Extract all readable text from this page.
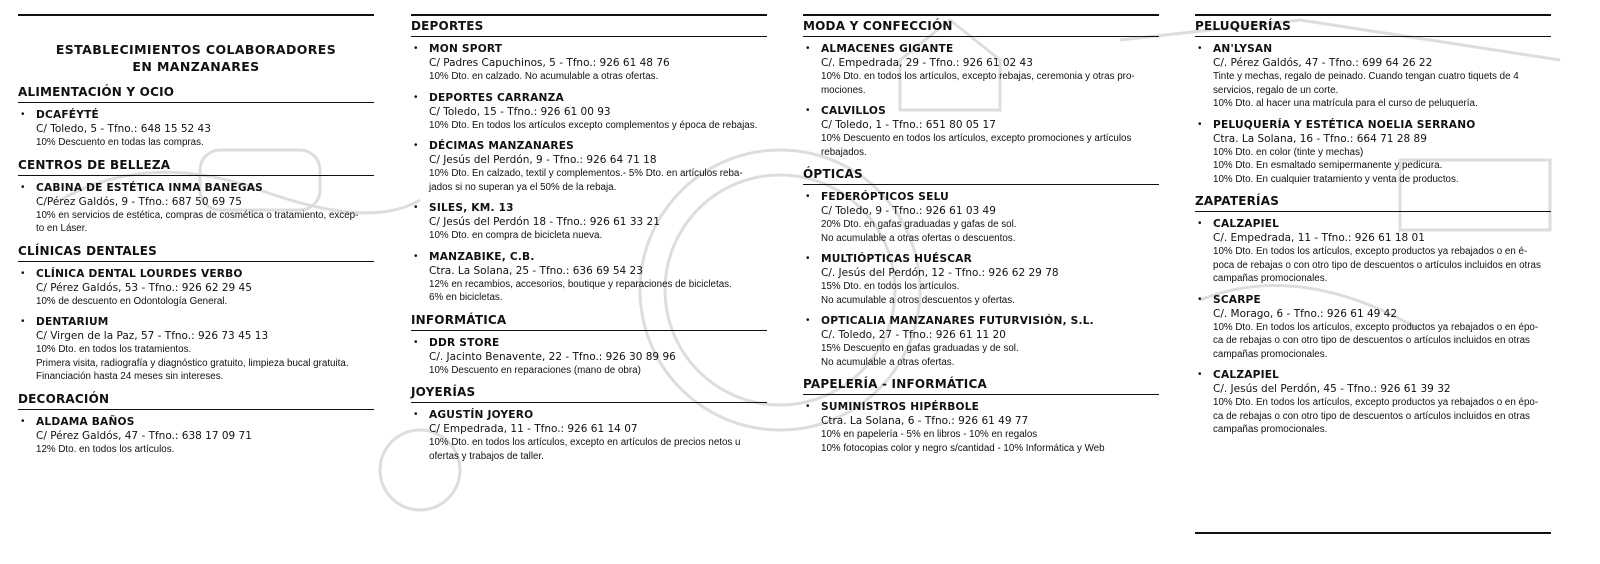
ESTABLECIMIENTOS COLABORADORES
EN MANZANARES
ALIMENTACIÓN Y OCIO
• DCAFÉYTÉ
C/ Toledo, 5 - Tfno.: 648 15 52 43
10% Descuento en todas las compras.
CENTROS DE BELLEZA
• CABINA DE ESTÉTICA INMA BANEGAS
C/Pérez Galdós, 9 - Tfno.: 687 50 69 75
10% en servicios de estética, compras de cosmética o tratamiento, excep-
to en Láser.
CLÍNICAS DENTALES
• CLÍNICA DENTAL LOURDES VERBO
C/ Pérez Galdós, 53 - Tfno.: 926 62 29 45
10% de descuento en Odontología General.
• DENTARIUM
C/ Virgen de la Paz, 57 - Tfno.: 926 73 45 13
10% Dto. en todos los tratamientos.
Primera visita, radiografía y diagnóstico gratuito, limpieza bucal gratuita.
Financiación hasta 24 meses sin intereses.
DECORACIÓN
• ALDAMA BAÑOS
C/ Pérez Galdós, 47 - Tfno.: 638 17 09 71
12% Dto. en todos los artículos.
DEPORTES
• MON SPORT
C/ Padres Capuchinos, 5 - Tfno.: 926 61 48 76
10% Dto. en calzado. No acumulable a otras ofertas.
• DEPORTES CARRANZA
C/ Toledo, 15 - Tfno.: 926 61 00 93
10% Dto. En todos los artículos excepto complementos y época de rebajas.
• DÉCIMAS MANZANARES
C/ Jesús del Perdón, 9 - Tfno.: 926 64 71 18
10% Dto. En calzado, textil y complementos.- 5% Dto. en artículos reba-
jados si no superan ya el 50% de la rebaja.
• SILES, KM. 13
C/ Jesús del Perdón 18 - Tfno.: 926 61 33 21
10% Dto. en compra de bicicleta nueva.
• MANZABIKE, C.B.
Ctra. La Solana, 25 - Tfno.: 636 69 54 23
12% en recambios, accesorios, boutique y reparaciones de bicicletas.
6% en bicicletas.
INFORMÁTICA
• DDR STORE
C/. Jacinto Benavente, 22 - Tfno.: 926 30 89 96
10% Descuento en reparaciones (mano de obra)
JOYERÍAS
• AGUSTÍN JOYERO
C/ Empedrada, 11 - Tfno.: 926 61 14 07
10% Dto. en todos los artículos, excepto en artículos de precios netos u
ofertas y trabajos de taller.
MODA Y CONFECCIÓN
• ALMACENES GIGANTE
C/. Empedrada, 29 - Tfno.: 926 61 02 43
10% Dto. en todos los artículos, excepto rebajas, ceremonia y otras pro-
mociones.
• CALVILLOS
C/ Toledo, 1 - Tfno.: 651 80 05 17
10% Descuento en todos los artículos, excepto promociones y artículos
rebajados.
ÓPTICAS
• FEDERÓPTICOS SELU
C/ Toledo, 9 - Tfno.: 926 61 03 49
20% Dto. en gafas graduadas y gafas de sol.
No acumulable a otras ofertas o descuentos.
• MULTIÓPTICAS HUÉSCAR
C/. Jesús del Perdón, 12 - Tfno.: 926 62 29 78
15% Dto. en todos los artículos.
No acumulable a otros descuentos y ofertas.
• OPTICALIA MANZANARES FUTURVISIÓN, S.L.
C/. Toledo, 27 - Tfno.: 926 61 11 20
15% Descuento en gafas graduadas y de sol.
No acumulable a otras ofertas.
PAPELERÍA - INFORMÁTICA
• SUMINISTROS HIPÉRBOLE
Ctra. La Solana, 6 - Tfno.: 926 61 49 77
10% en papelería - 5% en libros - 10% en regalos
10% fotocopias color y negro s/cantidad - 10% Informática y Web
PELUQUERÍAS
• AN'LYSAN
C/. Pérez Galdós, 47 - Tfno.: 699 64 26 22
Tinte y mechas, regalo de peinado. Cuando tengan cuatro tiquets de 4
servicios, regalo de un corte.
10% Dto. al hacer una matrícula para el curso de peluquería.
• PELUQUERÍA Y ESTÉTICA NOELIA SERRANO
Ctra. La Solana, 16 - Tfno.: 664 71 28 89
10% Dto. en color (tinte y mechas)
10% Dto. En esmaltado semipermanente y pedicura.
10% Dto. En cualquier tratamiento y venta de productos.
ZAPATERÍAS
• CALZAPIEL
C/. Empedrada, 11 - Tfno.: 926 61 18 01
10% Dto. En todos los artículos, excepto productos ya rebajados o en é-
poca de rebajas o con otro tipo de descuentos o artículos incluidos en otras
campañas promocionales.
• SCARPE
C/. Morago, 6 - Tfno.: 926 61 49 42
10% Dto. En todos los artículos, excepto productos ya rebajados o en épo-
ca de rebajas o con otro tipo de descuentos o artículos incluidos en otras
campañas promocionales.
• CALZAPIEL
C/. Jesús del Perdón, 45 - Tfno.: 926 61 39 32
10% Dto. En todos los artículos, excepto productos ya rebajados o en épo-
ca de rebajas o con otro tipo de descuentos o artículos incluidos en otras
campañas promocionales.
